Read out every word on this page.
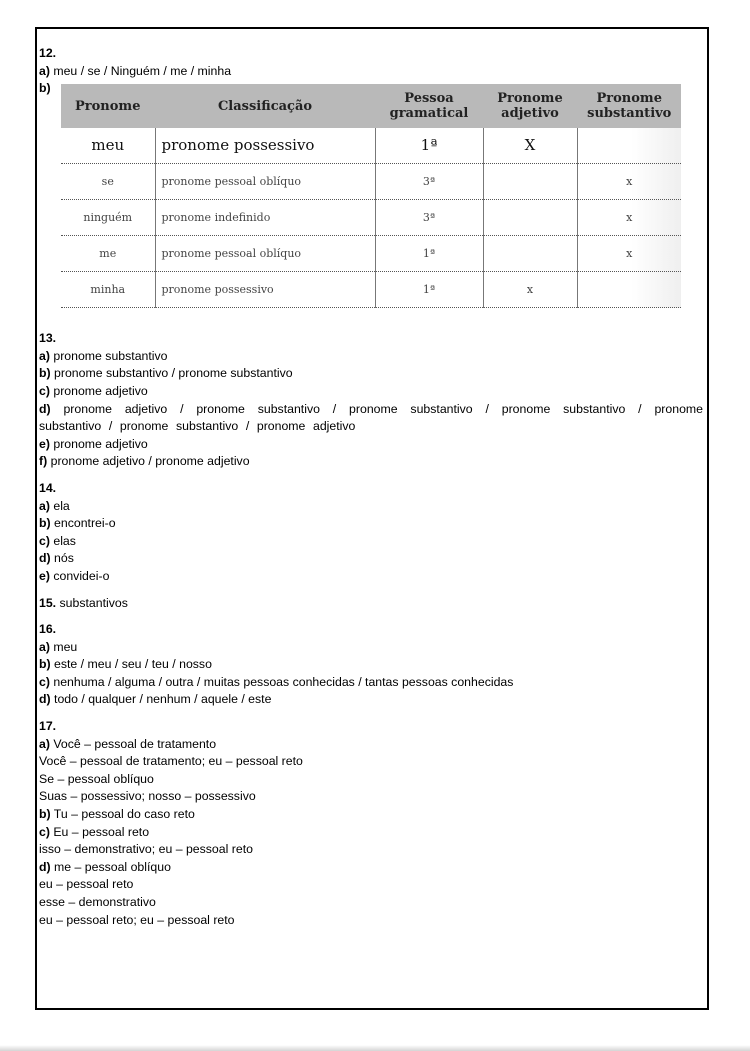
12.

a) meu / se / Ninguém / me / minha

b)
Pronome	Classificação	Pessoa gramatical	Pronome adjetivo	Pronome substantivo
meu	pronome possessivo	1ª	X	
se	pronome pessoal oblíquo	3ª		x
ninguém	pronome indefinido	3ª		x
me	pronome pessoal oblíquo	1ª		x
minha	pronome possessivo	1ª	x	

13.

a) pronome substantivo

b) pronome substantivo / pronome substantivo

c) pronome adjetivo

d) pronome adjetivo / pronome substantivo / pronome substantivo / pronome substantivo / pronome substantivo / pronome substantivo / pronome adjetivo

e) pronome adjetivo

f) pronome adjetivo / pronome adjetivo

14.

a) ela

b) encontrei-o

c) elas

d) nós

e) convidei-o

15. substantivos

16.

a) meu

b) este / meu / seu / teu / nosso

c) nenhuma / alguma / outra / muitas pessoas conhecidas / tantas pessoas conhecidas

d) todo / qualquer / nenhum / aquele / este

17.

a) Você – pessoal de tratamento

Você – pessoal de tratamento; eu – pessoal reto

Se – pessoal oblíquo

Suas – possessivo; nosso – possessivo

b) Tu – pessoal do caso reto

c) Eu – pessoal reto

isso – demonstrativo; eu – pessoal reto

d) me – pessoal oblíquo

eu – pessoal reto

esse – demonstrativo

eu – pessoal reto; eu – pessoal reto
